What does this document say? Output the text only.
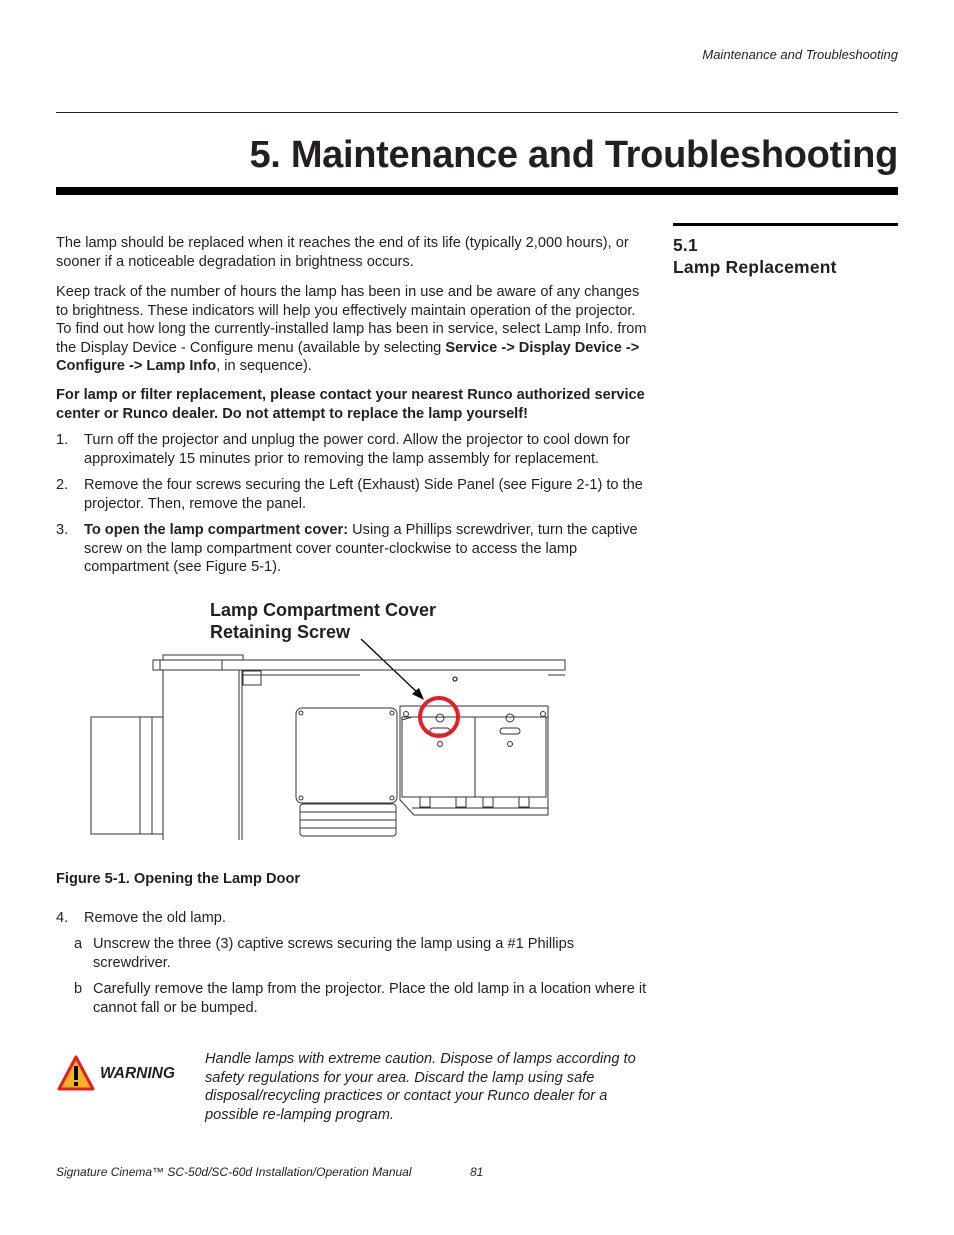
Maintenance and Troubleshooting
5. Maintenance and Troubleshooting
5.1
Lamp Replacement

The lamp should be replaced when it reaches the end of its life (typically 2,000 hours), or sooner if a noticeable degradation in brightness occurs.

Keep track of the number of hours the lamp has been in use and be aware of any changes to brightness. These indicators will help you effectively maintain operation of the projector. To find out how long the currently-installed lamp has been in service, select Lamp Info. from the Display Device - Configure menu (available by selecting Service -> Display Device -> Configure -> Lamp Info, in sequence).

For lamp or filter replacement, please contact your nearest Runco authorized service center or Runco dealer. Do not attempt to replace the lamp yourself!

1. Turn off the projector and unplug the power cord. Allow the projector to cool down for approximately 15 minutes prior to removing the lamp assembly for replacement.
2. Remove the four screws securing the Left (Exhaust) Side Panel (see Figure 2-1) to the projector. Then, remove the panel.
3. To open the lamp compartment cover: Using a Phillips screwdriver, turn the captive screw on the lamp compartment cover counter-clockwise to access the lamp compartment (see Figure 5-1).
Lamp Compartment Cover
Retaining Screw
Figure 5-1. Opening the Lamp Door
4. Remove the old lamp.
a Unscrew the three (3) captive screws securing the lamp using a #1 Phillips screwdriver.
b Carefully remove the lamp from the projector. Place the old lamp in a location where it cannot fall or be bumped.
WARNING
Handle lamps with extreme caution. Dispose of lamps according to safety regulations for your area. Discard the lamp using safe disposal/recycling practices or contact your Runco dealer for a possible re-lamping program.
Signature Cinema™ SC-50d/SC-60d Installation/Operation Manual	81
